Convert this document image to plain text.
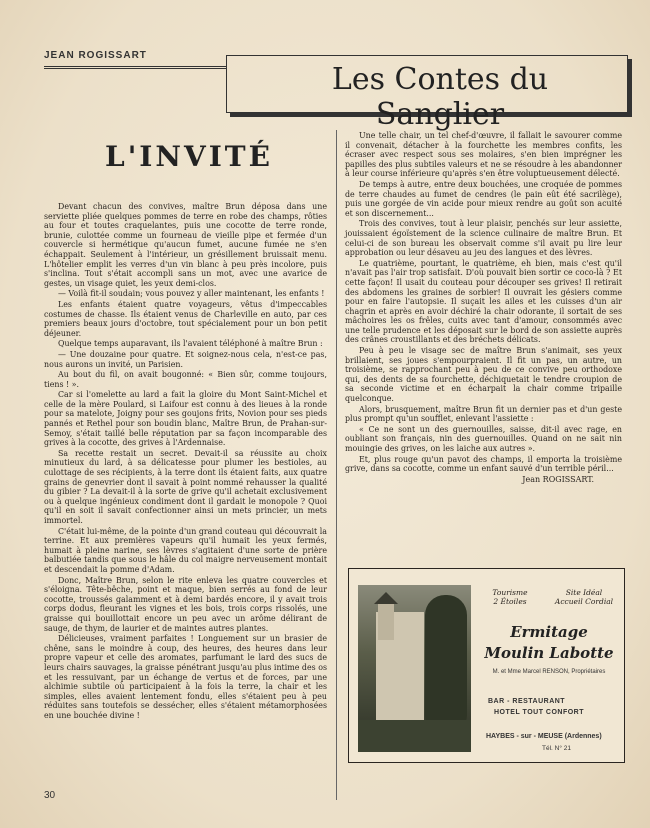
JEAN ROGISSART
Les Contes du Sanglier
L'INVITÉ

Devant chacun des convives, maître Brun déposa dans une serviette pliée quelques pommes de terre en robe des champs, rôties au four et toutes craquelantes, puis une cocotte de terre ronde, brunie, culottée comme un fourneau de vieille pipe et fermée d'un couvercle si hermétique qu'aucun fumet, aucune fumée ne s'en échappait. Seulement à l'intérieur, un grésillement bruissait menu. L'hôtelier emplit les verres d'un vin blanc à peu près incolore, puis s'inclina. Tout s'était accompli sans un mot, avec une avarice de gestes, un visage quiet, les yeux demi-clos.

— Voilà fit-il soudain; vous pouvez y aller maintenant, les enfants !

Les enfants étaient quatre voyageurs, vêtus d'impeccables costumes de chasse. Ils étaient venus de Charleville en auto, par ces premiers beaux jours d'octobre, tout spécialement pour un bon petit déjeuner.

Quelque temps auparavant, ils l'avaient téléphoné à maître Brun :

— Une douzaine pour quatre. Et soignez-nous cela, n'est-ce pas, nous aurons un invité, un Parisien.

Au bout du fil, on avait bougonné: « Bien sûr, comme toujours, tiens ! ».

Car si l'omelette au lard a fait la gloire du Mont Saint-Michel et celle de la mère Poulard, si Laifour est connu à des lieues à la ronde pour sa matelote, Joigny pour ses goujons frits, Novion pour ses pieds pannés et Rethel pour son boudin blanc, Maître Brun, de Prahan-sur-Semoy, s'était taillé belle réputation par sa façon incomparable des grives à la cocotte, des grives à l'Ardennaise.

Sa recette restait un secret. Devait-il sa réussite au choix minutieux du lard, à sa délicatesse pour plumer les bestioles, au culottage de ses récipients, à la terre dont ils étaient faits, aux quatre grains de genevrier dont il savait à point nommé rehausser la qualité du gibier ? La devait-il à la sorte de grive qu'il achetait exclusivement ou à quelque ingénieux condiment dont il gardait le monopole ? Quoi qu'il en soit il savait confectionner ainsi un mets princier, un mets immortel.

C'était lui-même, de la pointe d'un grand couteau qui découvrait la terrine. Et aux premières vapeurs qu'il humait les yeux fermés, humait à pleine narine, ses lèvres s'agitaient d'une sorte de prière balbutiée tandis que sous le hâle du col maigre nerveusement montait et descendait la pomme d'Adam.

Donc, Maître Brun, selon le rite enleva les quatre couvercles et s'éloigna. Tête-bêche, point et maque, bien serrés au fond de leur cocotte, troussés galamment et à demi bardés encore, il y avait trois corps dodus, fleurant les vignes et les bois, trois corps rissolés, une graisse qui bouillottait encore un peu avec un arôme délirant de sauge, de thym, de laurier et de maintes autres plantes.

Délicieuses, vraiment parfaites ! Longuement sur un brasier de chêne, sans le moindre à coup, des heures, des heures dans leur propre vapeur et celle des aromates, parfumant le lard des sucs de leurs chairs sauvages, la graisse pénétrant jusqu'au plus intime des os et les ressuivant, par un échange de vertus et de forces, par une alchimie subtile où participaient à la fois la terre, la chair et les simples, elles avaient lentement fondu, elles s'étaient peu à peu réduites sans toutefois se dessécher, elles s'étaient métamorphosées en une bouchée divine !

Une telle chair, un tel chef-d'œuvre, il fallait le savourer comme il convenait, détacher à la fourchette les membres confits, les écraser avec respect sous ses molaires, s'en bien imprégner les papilles des plus subtiles valeurs et ne se résoudre à les abandonner à leur course inférieure qu'après s'en être voluptueusement délecté.

De temps à autre, entre deux bouchées, une croquée de pommes de terre chaudes au fumet de cendres (le pain eût été sacrilège), puis une gorgée de vin acide pour mieux rendre au goût son acuité et son discernement...

Trois des convives, tout à leur plaisir, penchés sur leur assiette, jouissaient égoïstement de la science culinaire de maître Brun. Et celui-ci de son bureau les observait comme s'il avait pu lire leur approbation ou leur désaveu au jeu des langues et des lèvres.

Le quatrième, pourtant, le quatrième, eh bien, mais c'est qu'il n'avait pas l'air trop satisfait. D'où pouvait bien sortir ce coco-là ? Et cette façon! Il usait du couteau pour découper ses grives! Il retirait des abdomens les graines de sorbier! Il ouvrait les gésiers comme pour en faire l'autopsie. Il suçait les ailes et les cuisses d'un air chagrin et après en avoir déchiré la chair odorante, il sortait de ses mâchoires les os frêles, cuits avec tant d'amour, consommés avec une telle prudence et les déposait sur le bord de son assiette auprès des crânes croustillants et des bréchets délicats.

Peu à peu le visage sec de maître Brun s'animait, ses yeux brillaient, ses joues s'empourpraient. Il fit un pas, un autre, un troisième, se rapprochant peu à peu de ce convive peu orthodoxe qui, des dents de sa fourchette, déchiquetait le tendre croupion de sa seconde victime et en écharpait la chair comme tripaille quelconque.

Alors, brusquement, maître Brun fit un dernier pas et d'un geste plus prompt qu'un soufflet, enlevant l'assiette :

« Ce ne sont un des guernouilles, saisse, dit-il avec rage, en oubliant son français, nin des guernouilles. Quand on ne sait nin mouingie des grives, on les laiche aux autres ».

Et, plus rouge qu'un pavot des champs, il emporta la troisième grive, dans sa cocotte, comme un enfant sauvé d'un terrible péril...

Jean ROGISSART.

Tourisme
2 Étoiles
Site Idéal
Accueil Cordial
Ermitage
Moulin Labotte
M. et Mme Marcel RENSON, Propriétaires
BAR - RESTAURANT
HOTEL TOUT CONFORT
HAYBES - sur - MEUSE (Ardennes)
Tél. N° 21
30
